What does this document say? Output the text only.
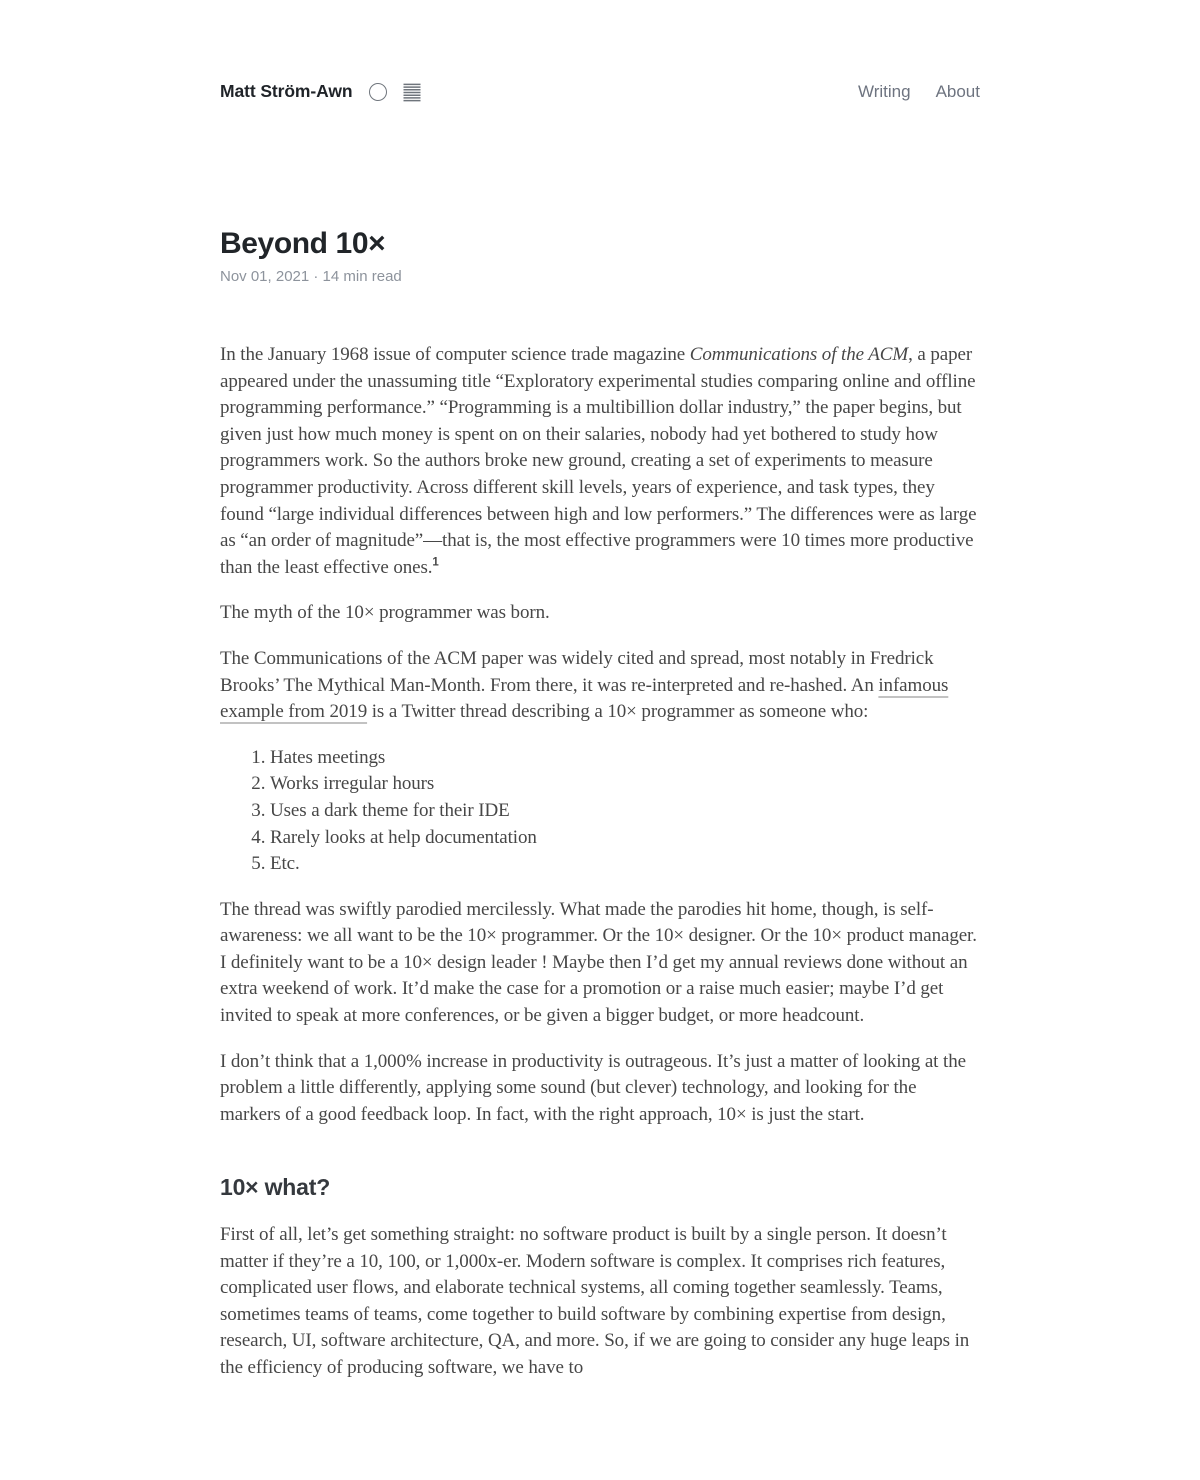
Matt Ström-Awn	Writing About
Beyond 10×
Nov 01, 2021 · 14 min read

In the January 1968 issue of computer science trade magazine Communications of the ACM, a paper appeared under the unassuming title “Exploratory experimental studies comparing online and offline programming performance.” “Programming is a multibillion dollar industry,” the paper begins, but given just how much money is spent on on their salaries, nobody had yet bothered to study how programmers work. So the authors broke new ground, creating a set of experiments to measure programmer productivity. Across different skill levels, years of experience, and task types, they found “large individual differences between high and low performers.” The differences were as large as “an order of magnitude”—that is, the most effective programmers were 10 times more productive than the least effective ones.$^1$

The myth of the 10× programmer was born.

The Communications of the ACM paper was widely cited and spread, most notably in Fredrick Brooks’ The Mythical Man-Month. From there, it was re-interpreted and re-hashed. An infamous example from 2019 is a Twitter thread describing a 10× programmer as someone who:

1. Hates meetings
2. Works irregular hours
3. Uses a dark theme for their IDE
4. Rarely looks at help documentation
5. Etc.

The thread was swiftly parodied mercilessly. What made the parodies hit home, though, is self-awareness: we all want to be the 10× programmer. Or the 10× designer. Or the 10× product manager. I definitely want to be a 10× design leader ! Maybe then I’d get my annual reviews done without an extra weekend of work. It’d make the case for a promotion or a raise much easier; maybe I’d get invited to speak at more conferences, or be given a bigger budget, or more headcount.

I don’t think that a 1,000% increase in productivity is outrageous. It’s just a matter of looking at the problem a little differently, applying some sound (but clever) technology, and looking for the markers of a good feedback loop. In fact, with the right approach, 10× is just the start.

10× what?

First of all, let’s get something straight: no software product is built by a single person. It doesn’t matter if they’re a 10, 100, or 1,000x-er. Modern software is complex. It comprises rich features, complicated user flows, and elaborate technical systems, all coming together seamlessly. Teams, sometimes teams of teams, come together to build software by combining expertise from design, research, UI, software architecture, QA, and more. So, if we are going to consider any huge leaps in the efficiency of producing software, we have to
